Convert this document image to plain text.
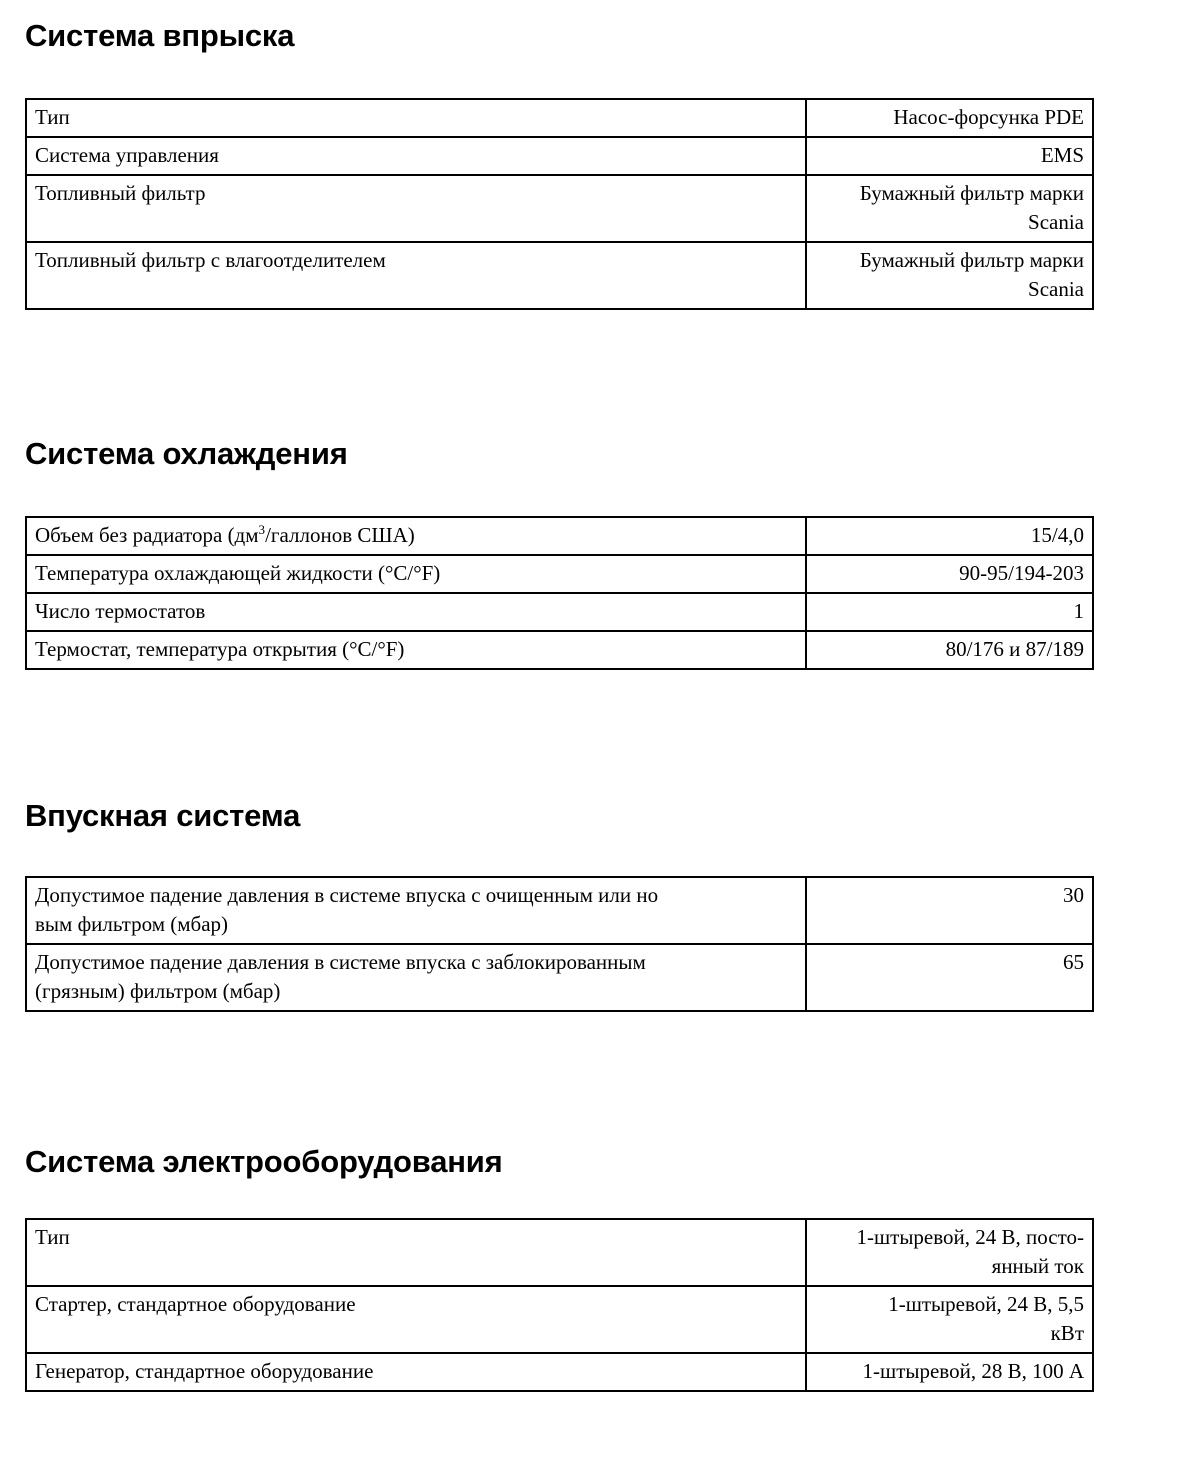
Система впрыска
Тип	Насос-форсунка PDE

Система управления	EMS

Топливный фильтр	Бумажный фильтр марки
Scania

Топливный фильтр с влагоотделителем	Бумажный фильтр марки
Scania
Система охлаждения
Объем без радиатора ($дм^3$/галлонов США)	15/4,0

Температура охлаждающей жидкости (°C/°F)	90-95/194-203

Число термостатов	1

Термостат, температура открытия (°C/°F)	80/176 и 87/189
Впускная система
Допустимое падение давления в системе впуска с очищенным или но
вым фильтром (мбар)	30

Допустимое падение давления в системе впуска с заблокированным
(грязным) фильтром (мбар)	65
Система электрооборудования
Тип	1-штыревой, 24 В, посто-
янный ток

Стартер, стандартное оборудование	1-штыревой, 24 В, 5,5
кВт

Генератор, стандартное оборудование	1-штыревой, 28 В, 100 А
